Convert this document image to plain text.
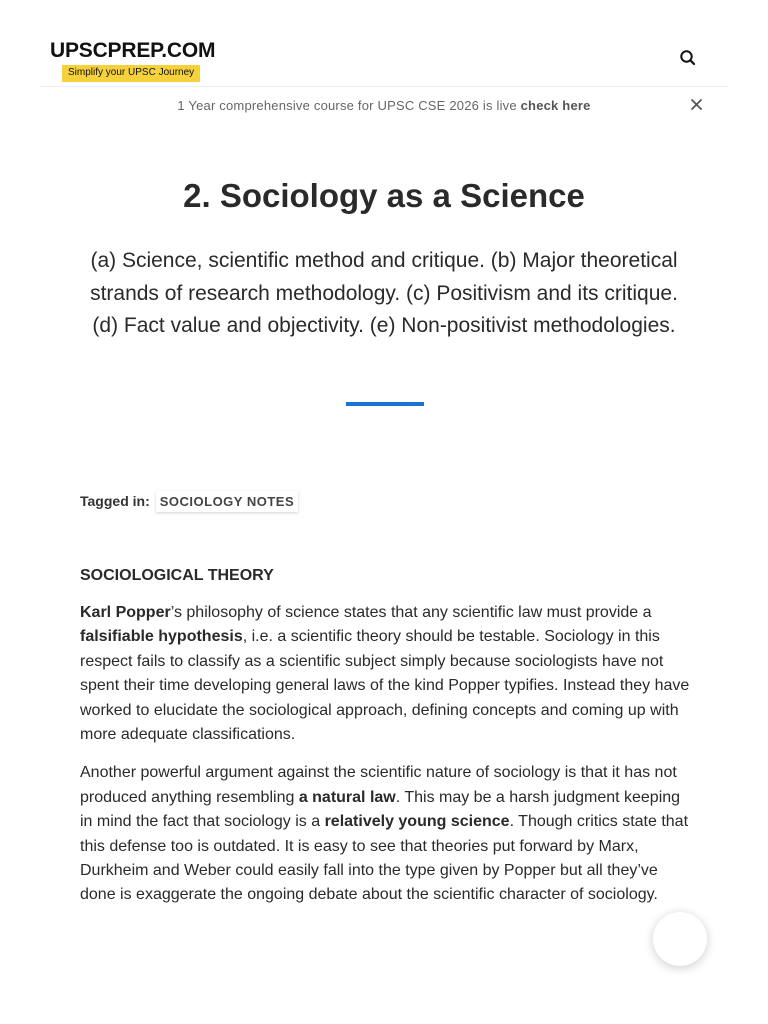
UPSCPREP.COM
Simplify your UPSC Journey
1 Year comprehensive course for UPSC CSE 2026 is live check here
2. Sociology as a Science
(a) Science, scientific method and critique. (b) Major theoretical strands of research methodology. (c) Positivism and its critique. (d) Fact value and objectivity. (e) Non-positivist methodologies.
Tagged in: SOCIOLOGY NOTES
SOCIOLOGICAL THEORY

Karl Popper’s philosophy of science states that any scientific law must provide a falsifiable hypothesis, i.e. a scientific theory should be testable. Sociology in this respect fails to classify as a scientific subject simply because sociologists have not spent their time developing general laws of the kind Popper typifies. Instead they have worked to elucidate the sociological approach, defining concepts and coming up with more adequate classifications.

Another powerful argument against the scientific nature of sociology is that it has not produced anything resembling a natural law. This may be a harsh judgment keeping in mind the fact that sociology is a relatively young science. Though critics state that this defense too is outdated. It is easy to see that theories put forward by Marx, Durkheim and Weber could easily fall into the type given by Popper but all they’ve done is exaggerate the ongoing debate about the scientific character of sociology.
